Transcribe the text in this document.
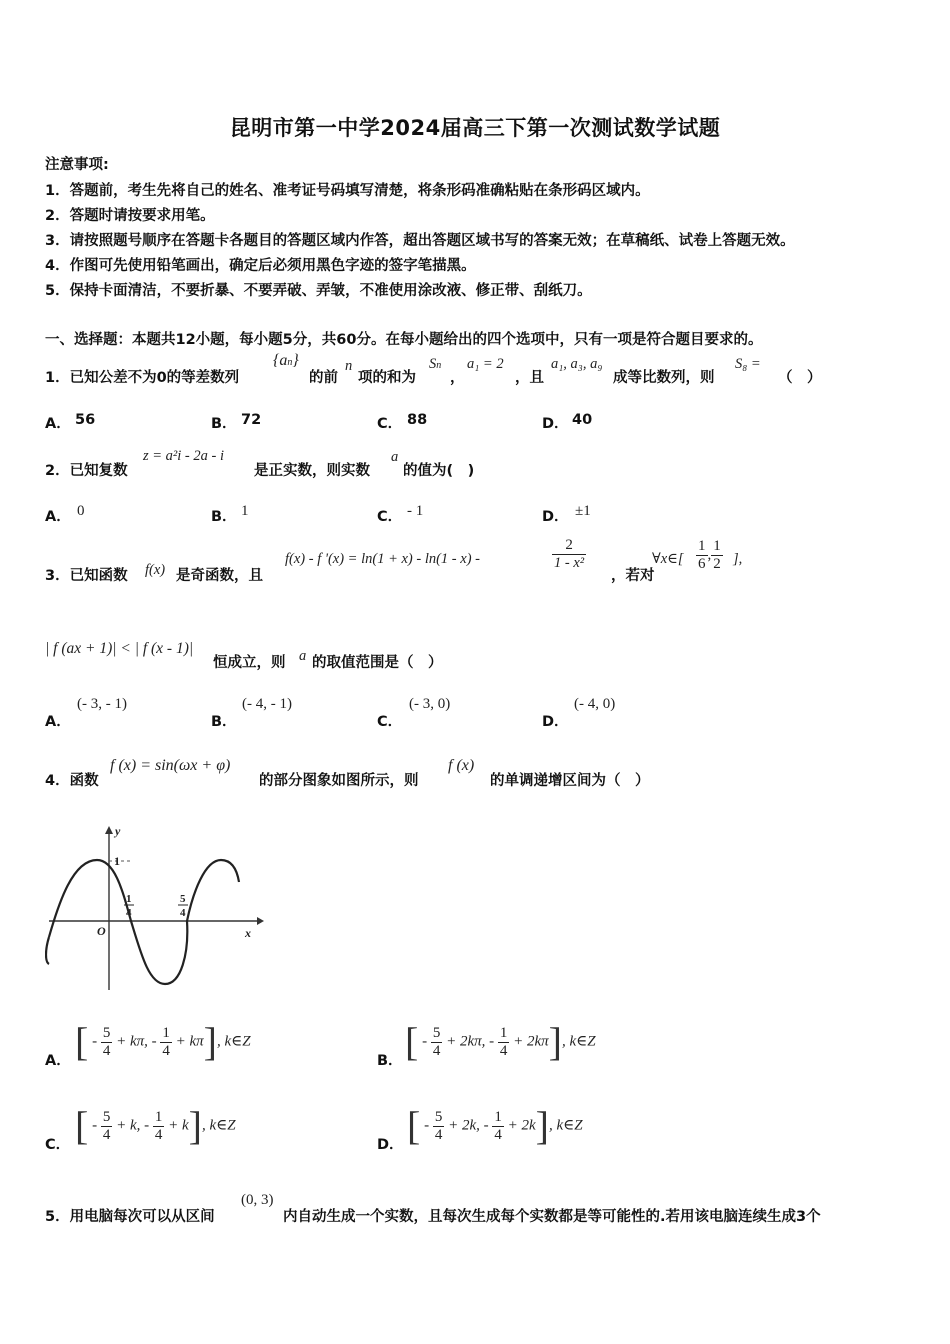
昆明市第一中学2024届高三下第一次测试数学试题
注意事项:
1．答题前，考生先将自己的姓名、准考证号码填写清楚，将条形码准确粘贴在条形码区域内。
2．答题时请按要求用笔。
3．请按照题号顺序在答题卡各题目的答题区域内作答，超出答题区域书写的答案无效；在草稿纸、试卷上答题无效。
4．作图可先使用铅笔画出，确定后必须用黑色字迹的签字笔描黑。
5．保持卡面清洁，不要折暴、不要弄破、弄皱，不准使用涂改液、修正带、刮纸刀。
一、选择题：本题共12小题，每小题5分，共60分。在每小题给出的四个选项中，只有一项是符合题目要求的。
1．已知公差不为0的等差数列
{an}
的前
n
项的和为
Sn
，
a₁ = 2
，且
a₁, a₃, a₉
成等比数列，则
S₈ =
（　）
A． 56	B． 72	C． 88	D． 40
2．已知复数
z = a²i - 2a - i
是正实数，则实数
a
的值为(　)
A． 0	B． 1	C． - 1	D． ±1
3．已知函数 f(x) 是奇函数，且
f(x) - f '(x) = ln(1 + x) - ln(1 - x) -	$\frac{2}{\text{1 - x²}}$
，若对
∀x∈[ $\frac{1}{6}$ , $\frac{1}{2}$ ],
| f (ax + 1)| < | f (x - 1)|
恒成立，则 a 的取值范围是（　）
A．
(- 3, - 1)
B．
(- 4, - 1)
C．
(- 3, 0)
D．
(- 4, 0)
4．函数
f (x) = sin(ωx + φ)
的部分图象如图所示，则
f (x)
的单调递增区间为（　）
y
x
O
1
1
4
5
4
A． [ - $\frac{5}{4} + k\pi$, - $\frac{1}{4} + k\pi$], k∈Z
B． [ - $\frac{5}{4} + 2k\pi$, - $\frac{1}{4} + 2k\pi$], k∈Z
C． [ - $\frac{5}{4} + k$, - $\frac{1}{4} + k$], k∈Z
D． [ - $\frac{5}{4} + 2k$, - $\frac{1}{4} + 2k$], k∈Z
5．用电脑每次可以从区间
(0, 3)
内自动生成一个实数，且每次生成每个实数都是等可能性的.若用该电脑连续生成3个
